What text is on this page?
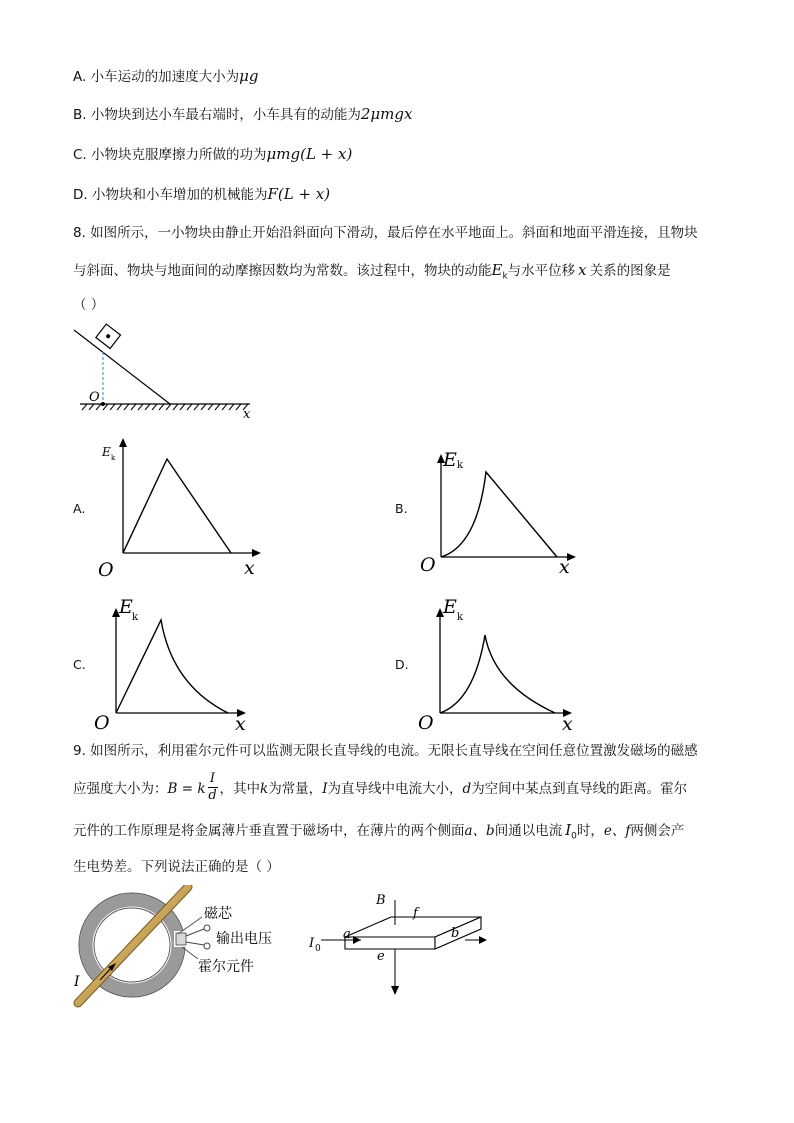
A. 小车运动的加速度大小为μg
B. 小物块到达小车最右端时，小车具有的动能为2μmgx
C. 小物块克服摩擦力所做的功为μmg(L + x)
D. 小物块和小车增加的机械能为F(L + x)
8. 如图所示，一小物块由静止开始沿斜面向下滑动，最后停在水平地面上。斜面和地面平滑连接，且物块
与斜面、物块与地面间的动摩擦因数均为常数。该过程中，物块的动能$E_k$与水平位移 x 关系的图象是
（ ）
O
x
A.
E k
O	x
B.
E k
O	x
C.
E k
O	x
D.
E k
O	x
9. 如图所示，利用霍尔元件可以监测无限长直导线的电流。无限长直导线在空间任意位置激发磁场的磁感
应强度大小为：B = k $\frac{I}{d}$ ，其中k为常量，I为直导线中电流大小，d为空间中某点到直导线的距离。霍尔
元件的工作原理是将金属薄片垂直置于磁场中，在薄片的两个侧面a、b间通以电流 $I_0$时，e、f两侧会产
生电势差。下列说法正确的是（ ）
磁芯
输出电压
霍尔元件
I
B
f
I 0
a	b
e
